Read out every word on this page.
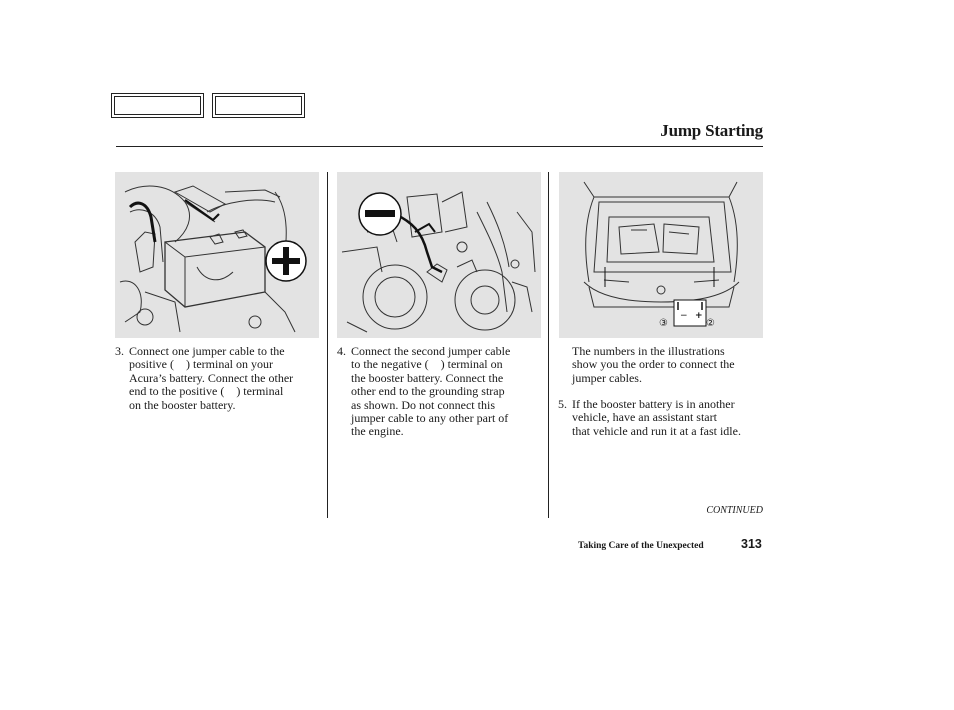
Jump Starting
− +
③	②
3. Connect one jumper cable to the
positive (    ) terminal on your
Acura’s battery. Connect the other
end to the positive (    ) terminal
on the booster battery.
4. Connect the second jumper cable
to the negative (    ) terminal on
the booster battery. Connect the
other end to the grounding strap
as shown. Do not connect this
jumper cable to any other part of
the engine.
The numbers in the illustrations
show you the order to connect the
jumper cables.
5. If the booster battery is in another
vehicle, have an assistant start
that vehicle and run it at a fast idle.
CONTINUED
Taking Care of the Unexpected	313
